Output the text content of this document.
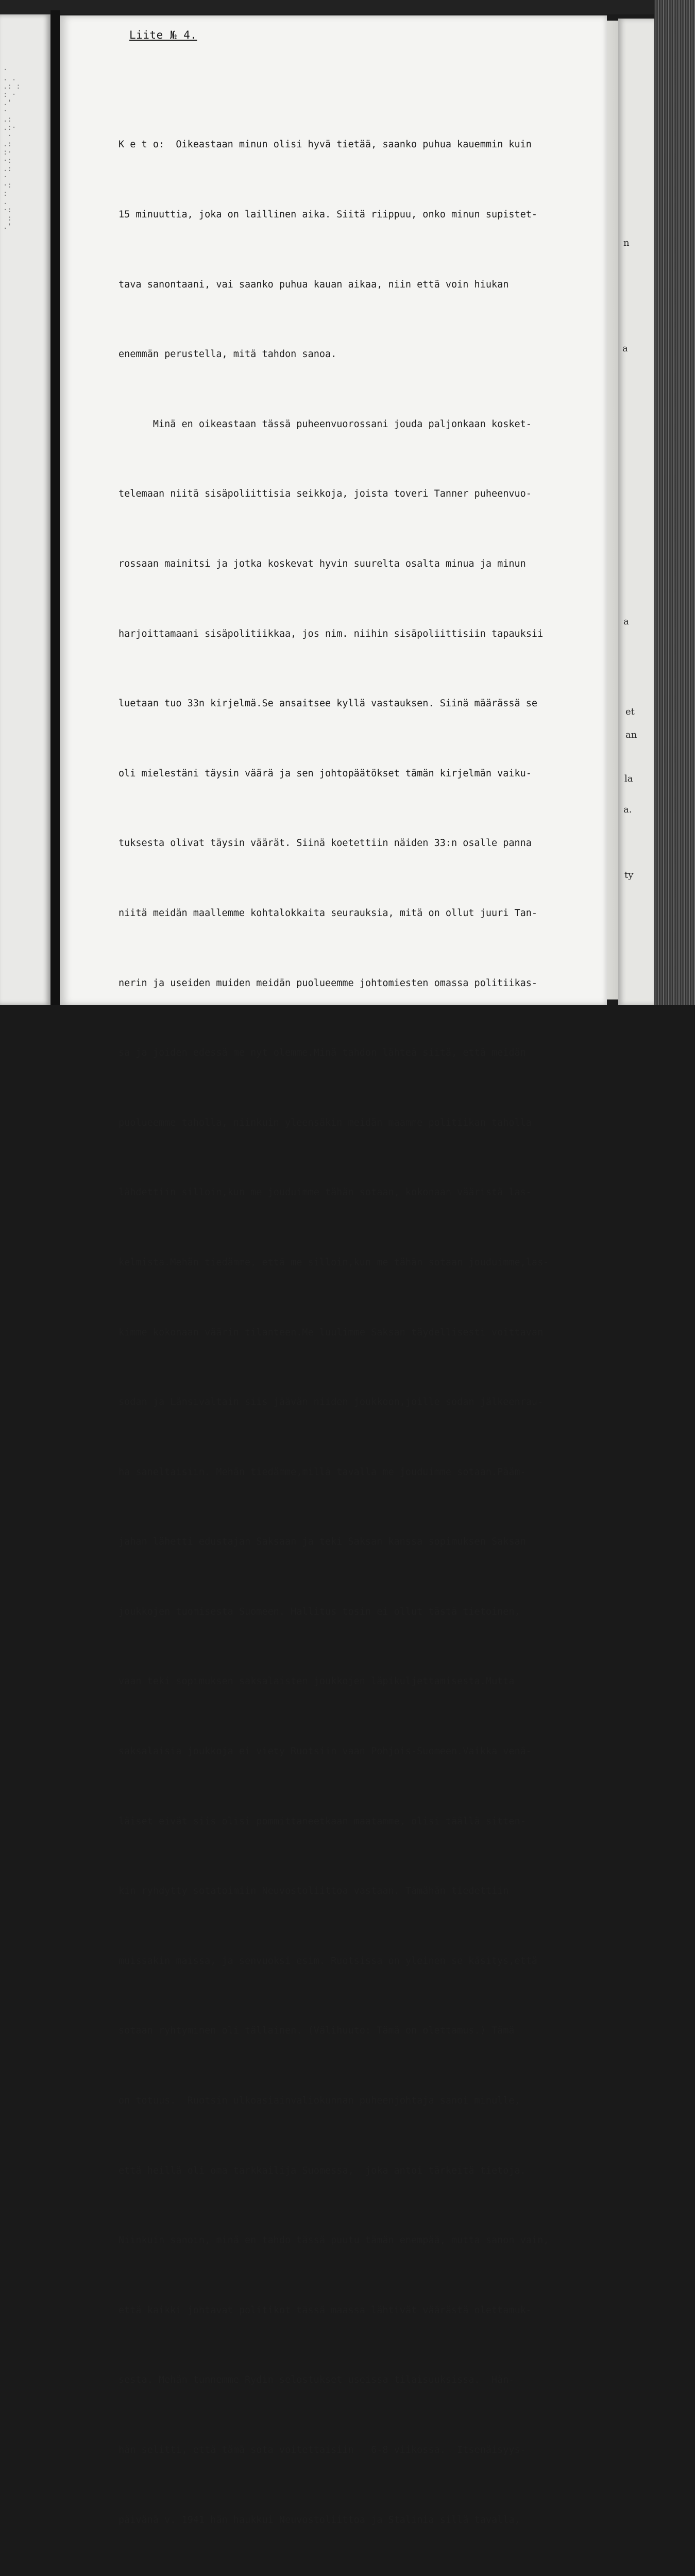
·
. .
.: :
: ·
.'
·
.:
.:·
·
.:
:·
·:
.:
·
·:
:
.
·:
:
.'
Liite № 4.

K e t o:  Oikeastaan minun olisi hyvä tietää, saanko puhua kauemmin kuin

15 minuuttia, joka on laillinen aika. Siitä riippuu, onko minun supistet-

tava sanontaani, vai saanko puhua kauan aikaa, niin että voin hiukan

enemmän perustella, mitä tahdon sanoa.

Minä en oikeastaan tässä puheenvuorossani jouda paljonkaan kosket-

telemaan niitä sisäpoliittisia seikkoja, joista toveri Tanner puheenvuo-

rossaan mainitsi ja jotka koskevat hyvin suurelta osalta minua ja minun

harjoittamaani sisäpolitiikkaa, jos nim. niihin sisäpoliittisiin tapauksii

luetaan tuo 33n kirjelmä.Se ansaitsee kyllä vastauksen. Siinä määrässä se

oli mielestäni täysin väärä ja sen johtopäätökset tämän kirjelmän vaiku-

tuksesta olivat täysin väärät. Siinä koetettiin näiden 33:n osalle panna

niitä meidän maallemme kohtalokkaita seurauksia, mitä on ollut juuri Tan-

nerin ja useiden muiden meidän puolueemme johtomiesten omassa politiikas-

sa ja joiden edessä me nyt olemme.Minä tahdon lähteä siitä, että meidän

puolueemme taholla, niinkuin yleensäkin meidän maamme politiikan taholla

lähdettiin silloin,kun me jouduimme tähän sotaan, kokonaan vääristä las-

kelmista.Mehän tiedämme, että me silloin,kun me tähän sotaan jouduimme,las-

kimme kokonaan väärin tilanteen.Me luulimme Saksan täydellisesti voittavan

sodan ja Länsivaltain siis jäävän niiden joukkoon,joille sodan jälkeenrau-

ha saneltaisiin. Mehän tiedämme,millä tavalla me jouduimme sotaan.Pääm-

jahan lähetti edustajan Saksaan ja teki Saksan kanssa sopimuksen Saksan

joukkojen tuomisesta Suomeen. Hallitus tosin ei ollut tästä tietoinen,

vaan teki sopimuksen saksalaisten joukkojen läpikuljettamisesta.Mutta

saksalaisia joukkoja ei viety Ruotsiin vaan Pohjois-Suomeen.Vaikka venä-

läiset eivät siis olisi pommittaneetkaan maatamme, olisi täällä sitten-

kin ryhdytty sotatoimiin Neuvostoliittoa vastaan. Tämähän tiedettiin

muissakin maissa, ja senvuoksi esim. Ruotsissa on yleinen se käsitys,että

sotaan ryhtyminen oli tällainen. (Välihuuto: Tämä on olettamus.) Tämä

on totuus.  Ruotsin ulkoasiainvaliokunnan puheenjohtaja sanoi minulle,

että heillä oli oma tarkkailija Suomessa,  joka antoi tärkeitä tietoja.

Niinkuin sanoin, minä en tahdo tässä puutu tämän enempää, mutta sanon vain,

että kaikki johtavat politikot tässä maassa lähtivät väärästä olettamuk-

sesta. Mehän tunnemme Rydin selostukset useissa tilaisuuksissa.  Hän-

hän selitti, että tämä sota voitettaisiin   6-8 viikossa.  Itsenäisyys-

päivänä v. 1941 hän haukkui Neuvostoliittoa ja Stalinia sillä tavalla,

n
a
a
et
an
la
a.
ty
